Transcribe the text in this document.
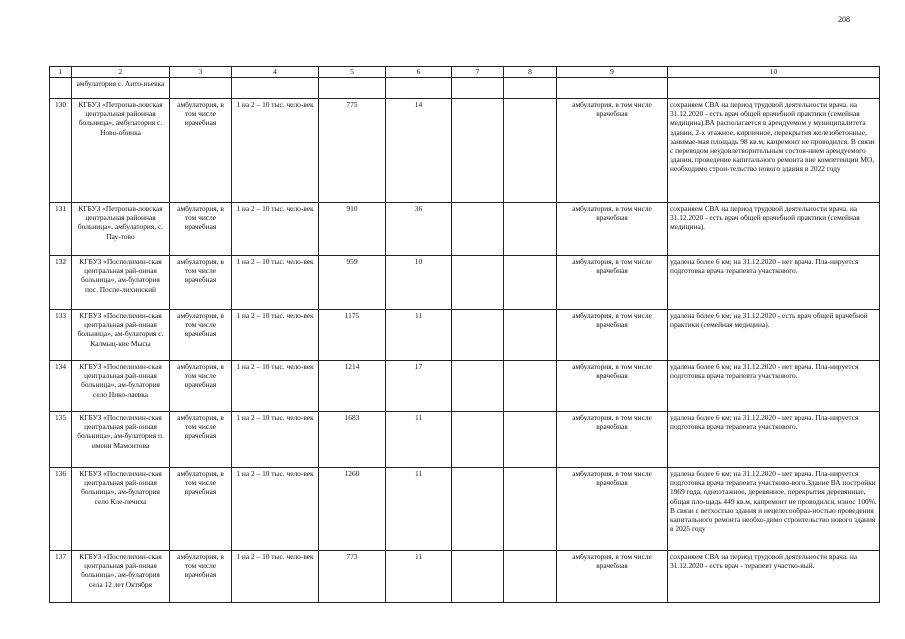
208
1	2	3	4	5	6	7	8	9	10
	амбулатория с. Анто-ньевка								
130	КГБУЗ «Петропав-ловская центральная районная больница», амбулатория с. Ново-обинка	амбулатория, в том числе врачебная	1 на 2 – 10 тыс. чело-век	775	14			амбулатория, в том числе врачебная	сохраняем СВА на период трудовой деятельности врача. на 31.12.2020 - есть врач общей врачебной практики (семейная медицина).ВА располагается в арендуемом у муниципалитета здании, 2-х этажное, кирпичное, перекрытия железобетонные, занимае-мая площадь 98 кв.м, капремонт не проводился. В связи с переводом неудовлетворительным состоя-нием арендуемого здания, проведение капитального ремонта вне компетенции МО, необходимо строи-тельство нового здания в 2022 году
131	КГБУЗ «Петропав-ловская центральная районная больница», амбулатория, с. Пау-тово	амбулатория, в том числе врачебная	1 на 2 – 10 тыс. чело-век	910	36			амбулатория, в том числе врачебная	сохраняем СВА на период трудовой деятельности врача. на 31.12.2020 - есть врач общей врачебной практики (семейная медицина).
132	КГБУЗ «Поспелихин-ская центральная рай-онная больница», ам-булатория пос. Поспе-лихинский	амбулатория, в том числе врачебная	1 на 2 – 10 тыс. чело-век	959	10			амбулатория, в том числе врачебная	удалена более 6 км; на 31.12.2020 - нет врача. Пла-нируется подготовка врача терапевта участкового.
133	КГБУЗ «Поспелихин-ская центральная рай-онная больница», ам-булатория с. Калмыц-кие Мысы	амбулатория, в том числе врачебная	1 на 2 – 10 тыс. чело-век	1175	11			амбулатория, в том числе врачебная	удалена более 6 км; на 31.12.2020 - есть врач общей врачебной практики (семейная медицина).
134	КГБУЗ «Поспелихин-ская центральная рай-онная больница», ам-булатория село Нико-лаевка	амбулатория, в том числе врачебная	1 на 2 – 10 тыс. чело-век	1214	17			амбулатория, в том числе врачебная	удалена более 6 км; на 31.12.2020 - нет врача. Пла-нируется подготовка врача терапевта участкового.
135	КГБУЗ «Поспелихин-ская центральная рай-онная больница», ам-булатория п. имени Мамонтова	амбулатория, в том числе врачебная	1 на 2 – 10 тыс. чело-век	1683	11			амбулатория, в том числе врачебная	удалена более 6 км; на 31.12.2020 - нет врача. Пла-нируется подготовка врача терапевта участкового.
136	КГБУЗ «Поспелихин-ская центральная рай-онная больница», ам-булатория село Кле-печиха	амбулатория, в том числе врачебная	1 на 2 – 10 тыс. чело-век	1260	11			амбулатория, в том числе врачебная	удалена более 6 км; на 31.12.2020 - нет врача. Пла-нируется подготовка врача терапевта участково-вого.Здание ВА постройки 1969 года, одноэтажное, деревянное, перекрытия деревянные, общая пло-щадь 449 кв.м, капремонт не проводился, износ 100%. В связи с ветхостью здания и нецелесообраз-ностью проведения капитального ремонта необхо-димо строительство нового здания в 2025 году
137	КГБУЗ «Поспелихин-ская центральная рай-онная больница», ам-булатория села 12 лет Октября	амбулатория, в том числе врачебная	1 на 2 – 10 тыс. чело-век	773	11			амбулатория, в том числе врачебная	сохраняем СВА на период трудовой деятельности врача. на 31.12.2020 - есть врач - терапевт участко-вый.
